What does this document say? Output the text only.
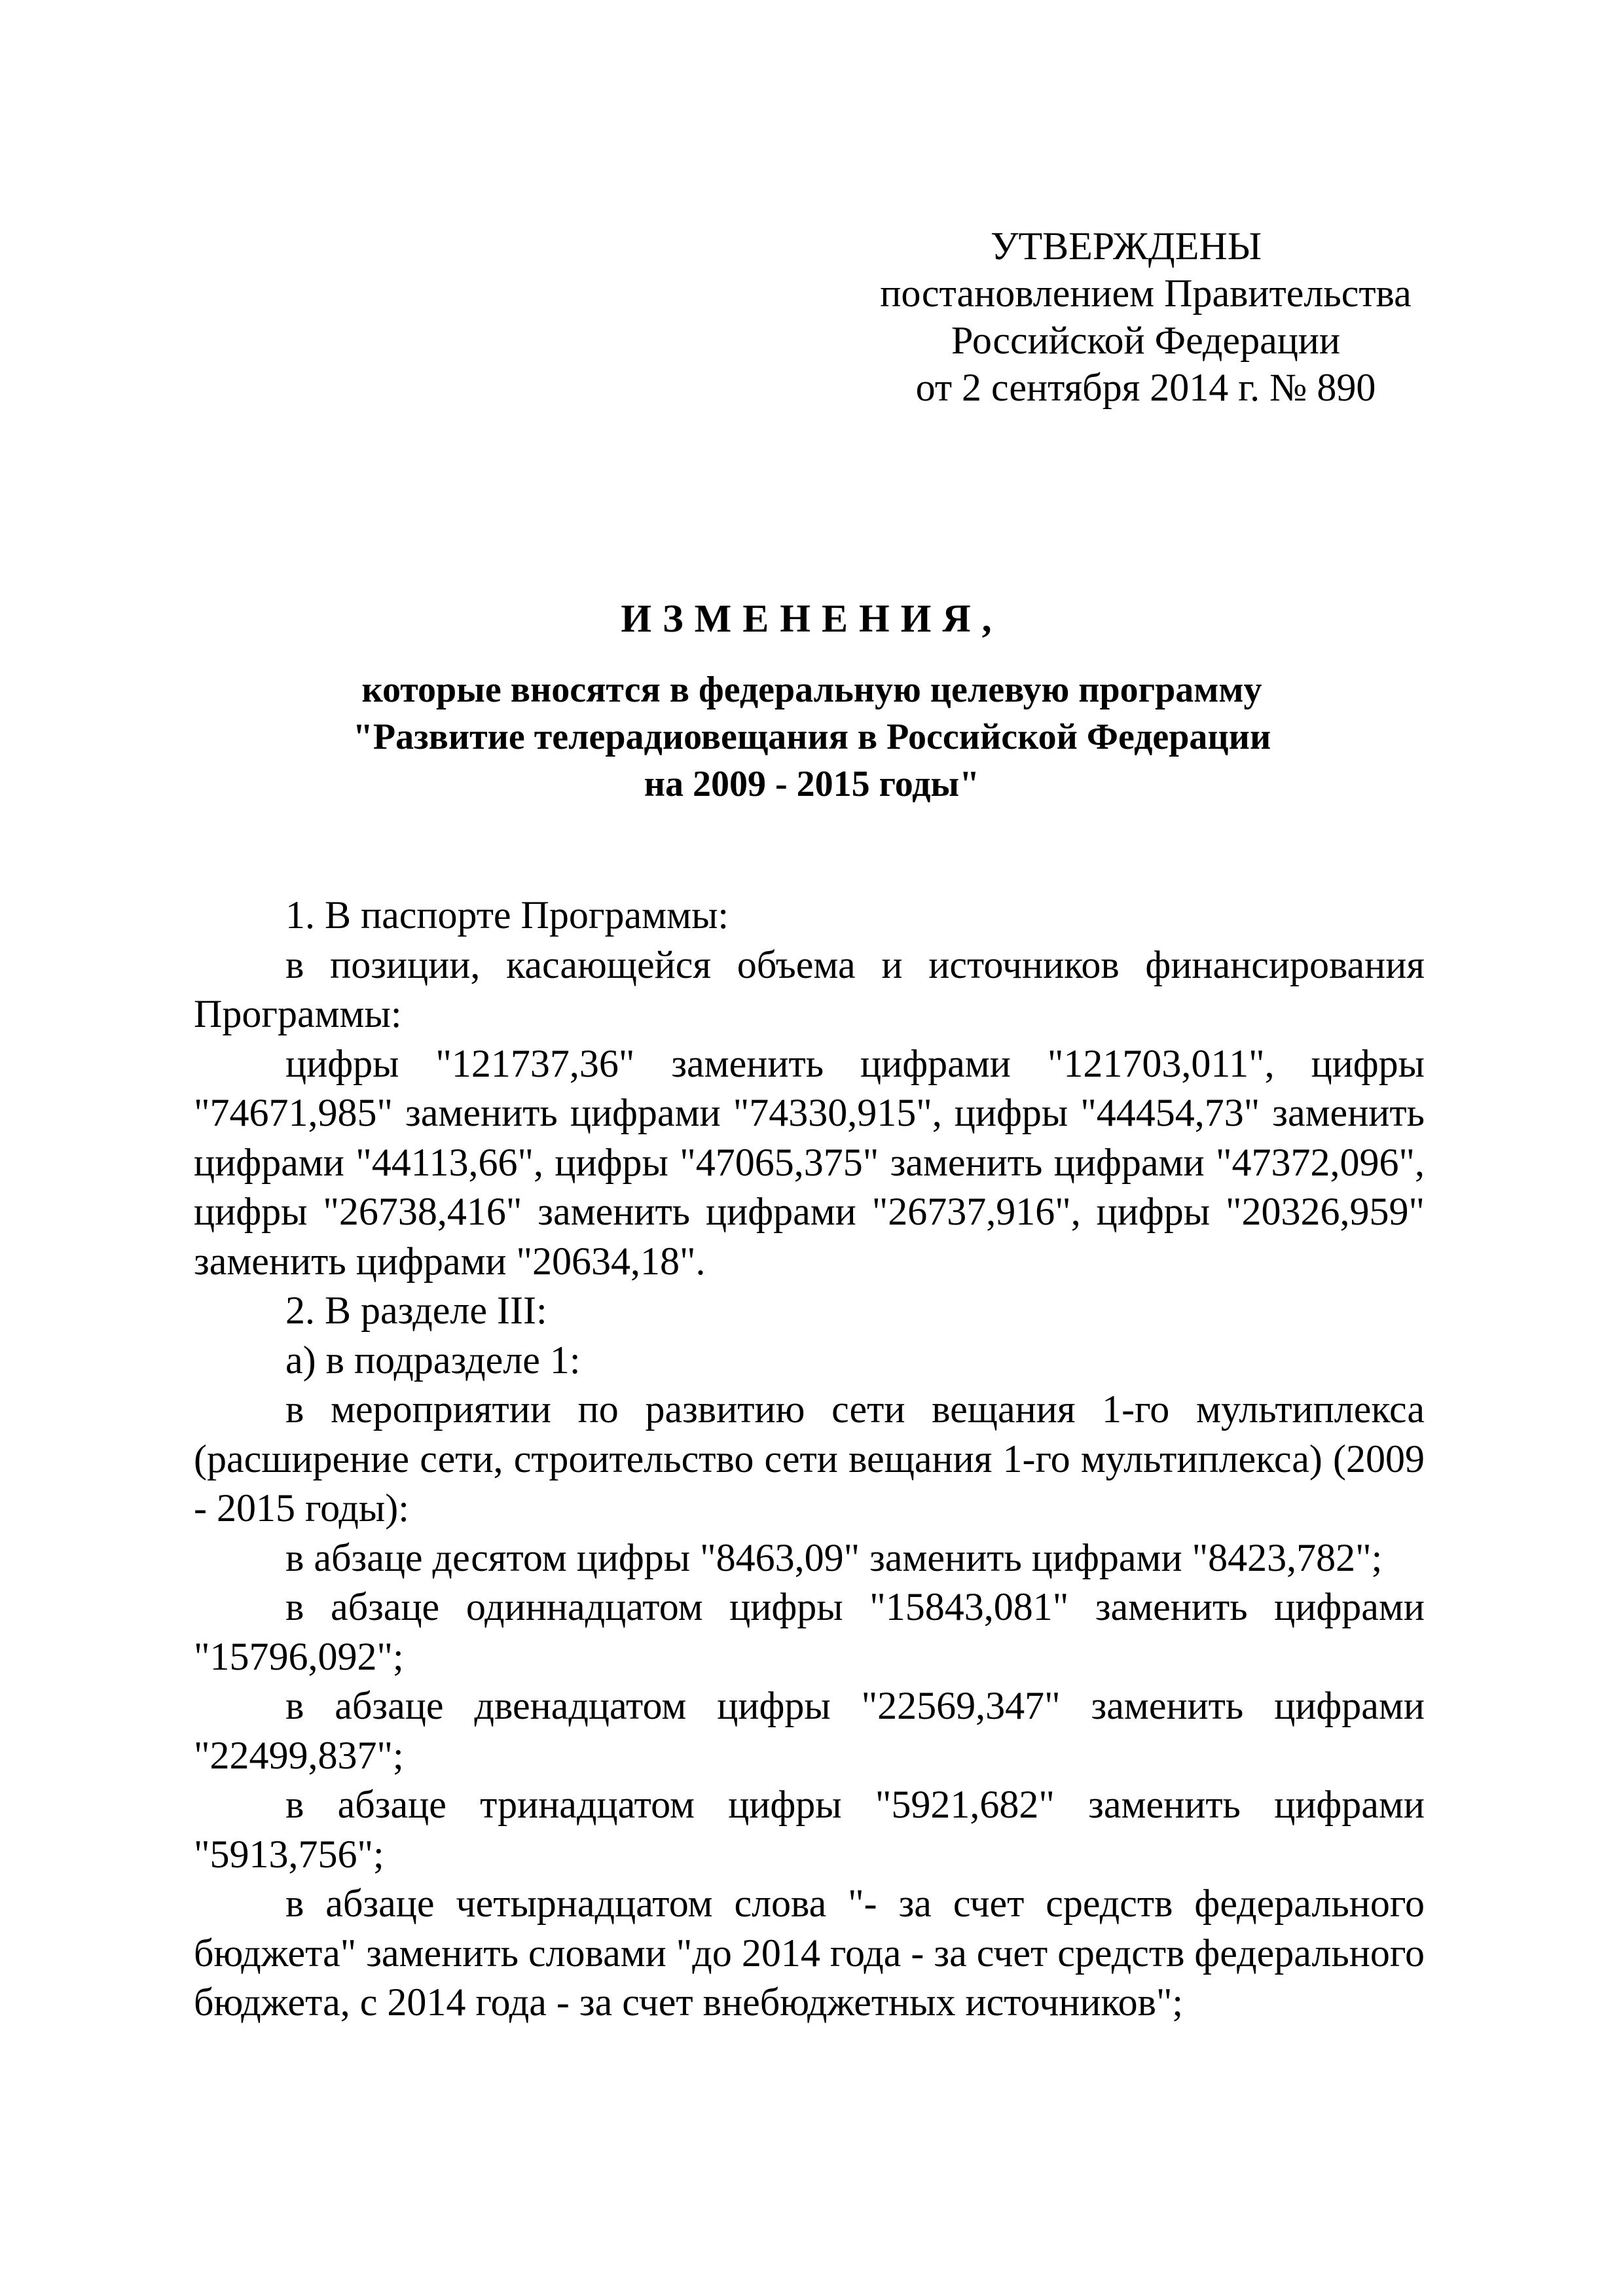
УТВЕРЖДЕНЫ
постановлением Правительства
Российской Федерации
от 2 сентября 2014 г. № 890
ИЗМЕНЕНИЯ,
которые вносятся в федеральную целевую программу
"Развитие телерадиовещания в Российской Федерации
на 2009 - 2015 годы"

1. В паспорте Программы:

в позиции, касающейся объема и источников финансирования Программы:

цифры "121737,36" заменить цифрами "121703,011", цифры "74671,985" заменить цифрами "74330,915", цифры "44454,73" заменить цифрами "44113,66", цифры "47065,375" заменить цифрами "47372,096", цифры "26738,416" заменить цифрами "26737,916", цифры "20326,959" заменить цифрами "20634,18".

2. В разделе III:

а) в подразделе 1:

в мероприятии по развитию сети вещания 1-го мультиплекса (расширение сети, строительство сети вещания 1-го мультиплекса) (2009 - 2015 годы):

в абзаце десятом цифры "8463,09" заменить цифрами "8423,782";

в абзаце одиннадцатом цифры "15843,081" заменить цифрами "15796,092";

в абзаце двенадцатом цифры "22569,347" заменить цифрами "22499,837";

в абзаце тринадцатом цифры "5921,682" заменить цифрами "5913,756";

в абзаце четырнадцатом слова "- за счет средств федерального бюджета" заменить словами "до 2014 года - за счет средств федерального бюджета, с 2014 года - за счет внебюджетных источников";
